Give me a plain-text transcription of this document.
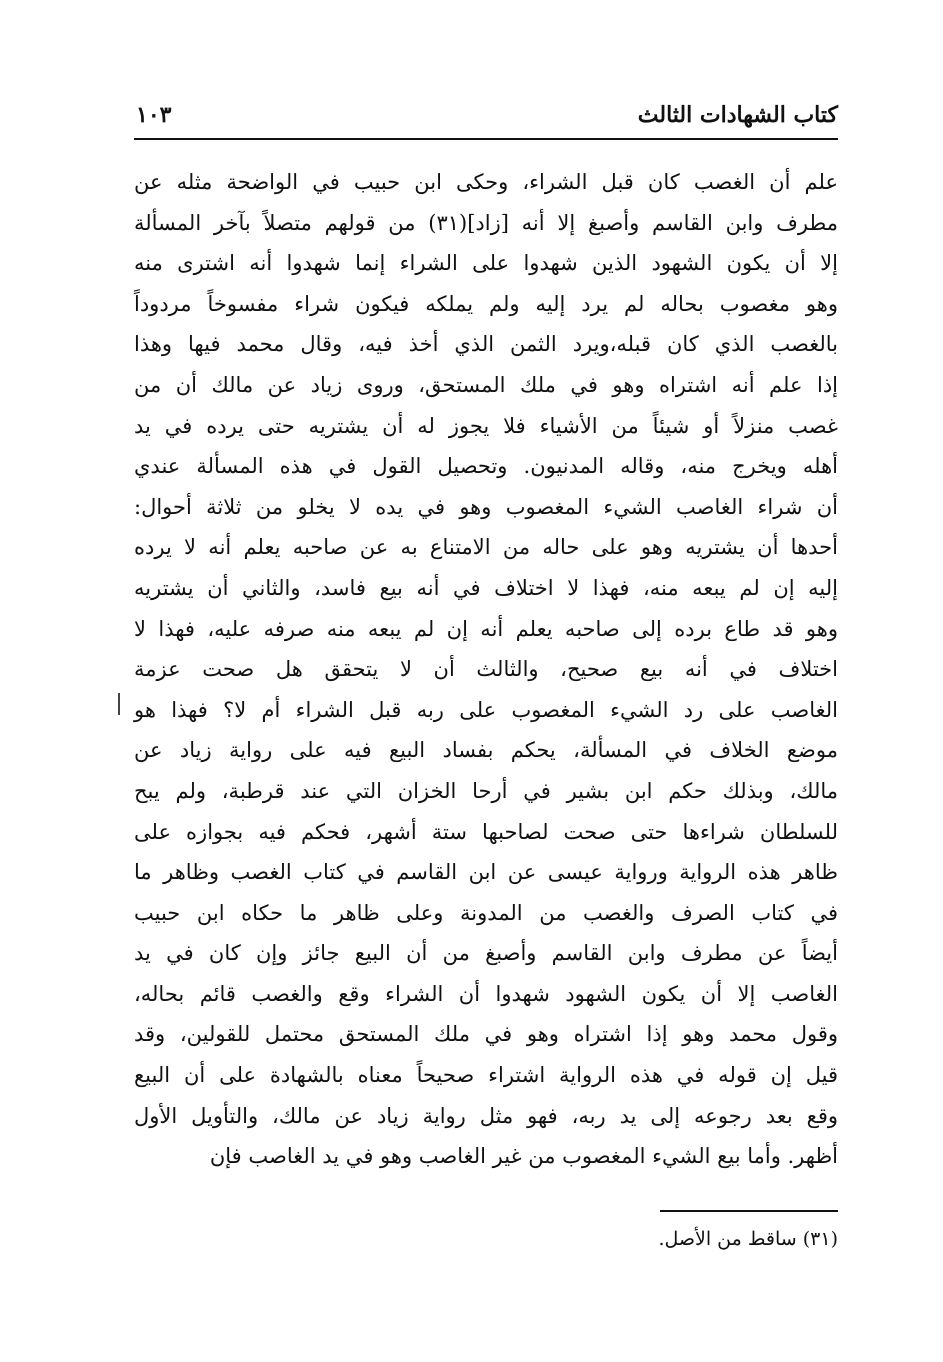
كتاب الشهادات الثالث
١٠٣
علم أن الغصب كان قبل الشراء، وحكى ابن حبيب في الواضحة مثله عن
مطرف وابن القاسم وأصبغ إلا أنه [زاد](٣١) من قولهم متصلاً بآخر المسألة
إلا أن يكون الشهود الذين شهدوا على الشراء إنما شهدوا أنه اشترى منه
وهو مغصوب بحاله لم يرد إليه ولم يملكه فيكون شراء مفسوخاً مردوداً
بالغصب الذي كان قبله،ويرد الثمن الذي أخذ فيه، وقال محمد فيها وهذا
إذا علم أنه اشتراه وهو في ملك المستحق، وروى زياد عن مالك أن من
غصب منزلاً أو شيئاً من الأشياء فلا يجوز له أن يشتريه حتى يرده في يد
أهله ويخرج منه، وقاله المدنيون. وتحصيل القول في هذه المسألة عندي
أن شراء الغاصب الشيء المغصوب وهو في يده لا يخلو من ثلاثة أحوال:
أحدها أن يشتريه وهو على حاله من الامتناع به عن صاحبه يعلم أنه لا يرده
إليه إن لم يبعه منه، فهذا لا اختلاف في أنه بيع فاسد، والثاني أن يشتريه
وهو قد طاع برده إلى صاحبه يعلم أنه إن لم يبعه منه صرفه عليه، فهذا لا
اختلاف في أنه بيع صحيح، والثالث أن لا يتحقق هل صحت عزمة
الغاصب على رد الشيء المغصوب على ربه قبل الشراء أم لا؟ فهذا هو
موضع الخلاف في المسألة، يحكم بفساد البيع فيه على رواية زياد عن
مالك، وبذلك حكم ابن بشير في أرحا الخزان التي عند قرطبة، ولم يبح
للسلطان شراءها حتى صحت لصاحبها ستة أشهر، فحكم فيه بجوازه على
ظاهر هذه الرواية ورواية عيسى عن ابن القاسم في كتاب الغصب وظاهر ما
في كتاب الصرف والغصب من المدونة وعلى ظاهر ما حكاه ابن حبيب
أيضاً عن مطرف وابن القاسم وأصبغ من أن البيع جائز وإن كان في يد
الغاصب إلا أن يكون الشهود شهدوا أن الشراء وقع والغصب قائم بحاله،
وقول محمد وهو إذا اشتراه وهو في ملك المستحق محتمل للقولين، وقد
قيل إن قوله في هذه الرواية اشتراء صحيحاً معناه بالشهادة على أن البيع
وقع بعد رجوعه إلى يد ربه، فهو مثل رواية زياد عن مالك، والتأويل الأول
أظهر. وأما بيع الشيء المغصوب من غير الغاصب وهو في يد الغاصب فإن
(٣١) ساقط من الأصل.
